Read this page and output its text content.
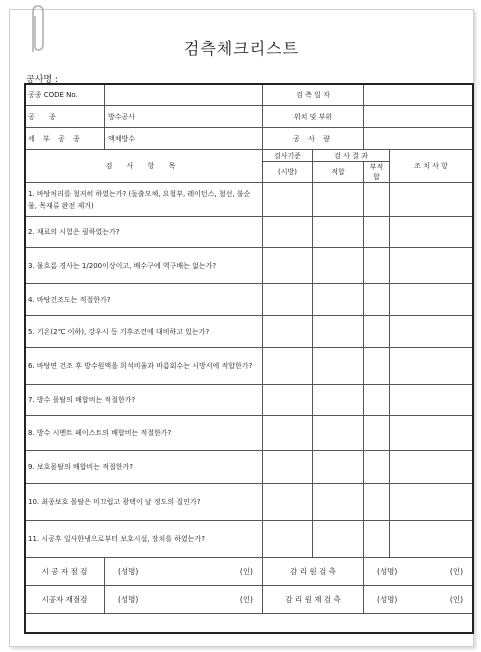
검측체크리스트
공사명 :
공종 CODE No.		검 측 일 자			
공 종	방수공사	위치 및 부위			
세 부 공 종	액체방수	공 사 량			
검 사 항 목		검사기준	검 사 결 과		조 치 사 항
		(시방)	적합	부적합	
1. 바탕처리를 철저히 하였는가? (돌출모체, 요철부, 레이턴스, 철선, 불순물, 목재류 완전 제거)					
2. 재료의 시험은 필하였는가?					
3. 물흐름 경사는 1/200이상이고, 배수구에 역구배는 없는가?					
4. 바탕건조도는 적절한가?					
5. 기온(2℃ 이하), 강우시 등 기후조건에 대비하고 있는가?					
6. 바탕면 건조 후 방수원액을 희석비율과 바름회수는 시방서에 적합한가?					
7. 방수 몰탈의 배합비는 적절한가?					
8. 방수 시멘트 페이스트의 배합비는 적절한가?					
9. 보호몰탈의 배합비는 적절한가?					
10. 최종보호 몰탈은 미끄럽고 광택이 날 정도의 질인가?					
11. 시공후 일사한냉으로부터 보호시설, 장치를 하였는가?					
시 공 자 점 검	(성명) (인)	감 리 원 검 측		(성명) (인)	

시공자 재점검	(성명) (인)	감 리 원 재 검 측		(성명) (인)	
